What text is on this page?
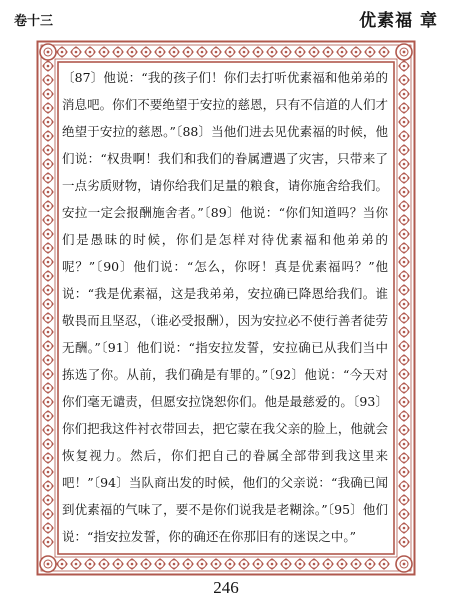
卷十三	优素福 章

〔87〕他说：“我的孩子们！你们去打听优素福和他弟弟的消息吧。你们不要绝望于安拉的慈恩，只有不信道的人们才绝望于安拉的慈恩。”〔88〕当他们进去见优素福的时候，他们说：“权贵啊！我们和我们的眷属遭遇了灾害，只带来了一点劣质财物，请你给我们足量的粮食，请你施舍给我们。安拉一定会报酬施舍者。”〔89〕他说：“你们知道吗？当你们是愚昧的时候，你们是怎样对待优素福和他弟弟的呢？”〔90〕他们说：“怎么，你呀！真是优素福吗？”他说：“我是优素福，这是我弟弟，安拉确已降恩给我们。谁敬畏而且坚忍，（谁必受报酬），因为安拉必不使行善者徒劳无酬。”〔91〕他们说：“指安拉发誓，安拉确已从我们当中拣选了你。从前，我们确是有罪的。”〔92〕他说：“今天对你们毫无谴责，但愿安拉饶恕你们。他是最慈爱的。〔93〕你们把我这件衬衣带回去，把它蒙在我父亲的脸上，他就会恢复视力。然后，你们把自己的眷属全部带到我这里来吧！”〔94〕当队商出发的时候，他们的父亲说：“我确已闻到优素福的气味了，要不是你们说我是老糊涂。”〔95〕他们说：“指安拉发誓，你的确还在你那旧有的迷误之中。”

246
